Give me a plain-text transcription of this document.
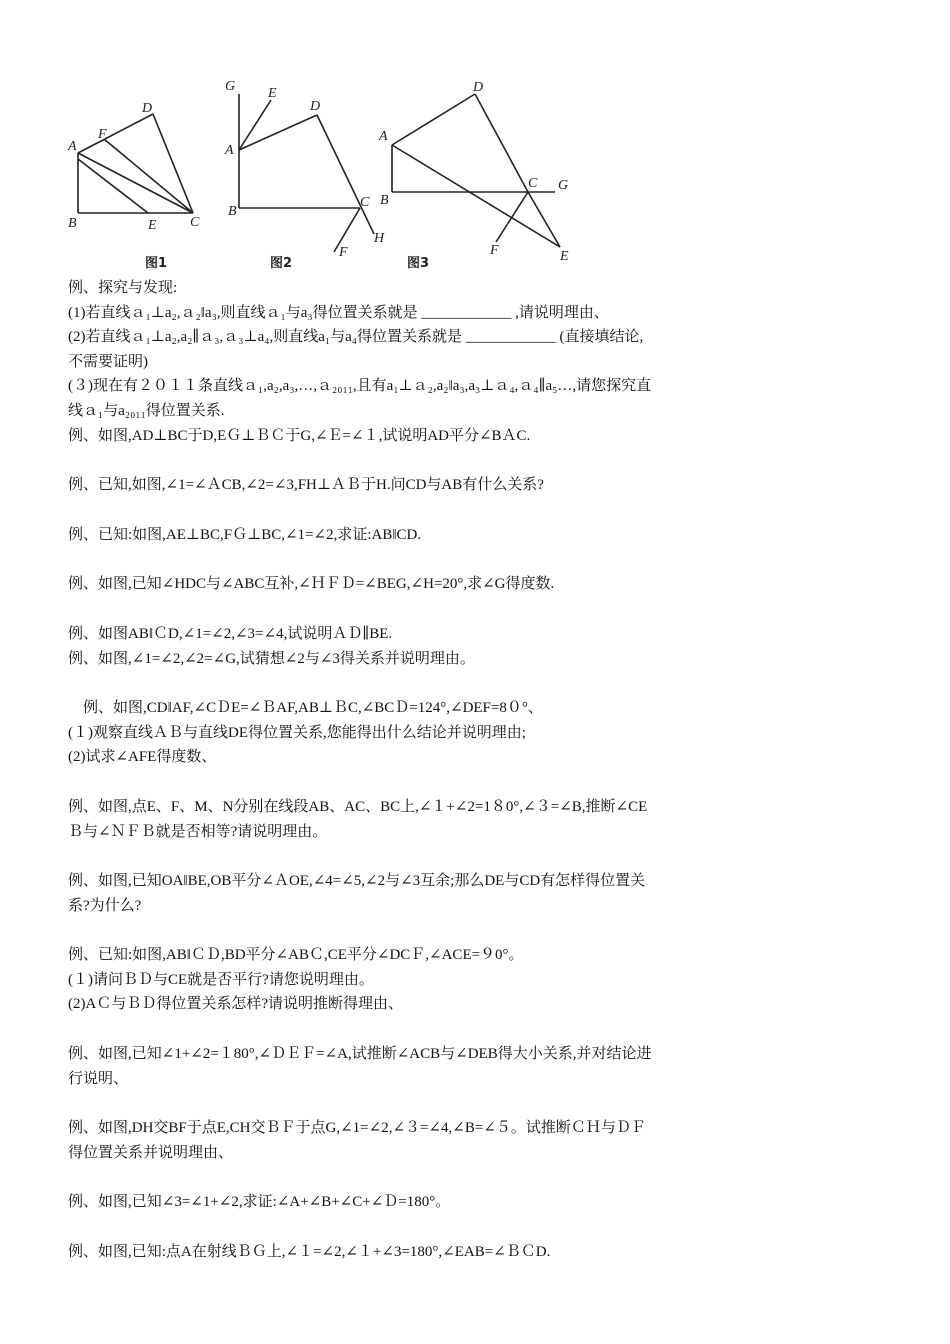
D
F
A
B	E C
图1
G E
D
A
B
C
H
F
图2
D
A
C G
B
F	E
图3
例、探究与发现:
(1)若直线ａ₁⊥a₂,ａ₂‖a₃,则直线ａ₁与a₃得位置关系就是 ____________ ,请说明理由、
(2)若直线ａ₁⊥a₂,a₂∥ａ₃,ａ₃⊥a₄,则直线a₁与a₄得位置关系就是 ____________ (直接填结论,
不需要证明)
(３)现在有２０１１条直线ａ₁,a₂,a₃,…,ａ₂₀₁₁,且有a₁⊥ａ₂,a₂‖a₃,a₃⊥ａ₄,ａ₄∥a₅…,请您探究直
线ａ₁与a₂₀₁₁得位置关系.
例、如图,AD⊥BC于D,EＧ⊥ＢＣ于G,∠Ｅ=∠１,试说明AD平分∠BＡC.
例、已知,如图,∠1=∠ＡCB,∠2=∠3,FH⊥ＡＢ于H.问CD与AB有什么关系?
例、已知:如图,AE⊥BC,FＧ⊥BC,∠1=∠2,求证:AB‖CD.
例、如图,已知∠HDC与∠ABC互补,∠ＨＦＤ=∠BEG,∠H=20°,求∠G得度数.
例、如图AB‖ＣD,∠1=∠2,∠3=∠4,试说明ＡＤ∥BE.
例、如图,∠1=∠2,∠2=∠G,试猜想∠2与∠3得关系并说明理由。
例、如图,CD‖AF,∠CＤE=∠ＢAF,AB⊥ＢC,∠BCＤ=124°,∠DEF=8０°、
(１)观察直线ＡＢ与直线DE得位置关系,您能得出什么结论并说明理由;
(2)试求∠AFE得度数、
例、如图,点E、F、M、N分别在线段AB、AC、BC上,∠１+∠2=1８0°,∠３=∠B,推断∠CE
Ｂ与∠ＮＦＢ就是否相等?请说明理由。
例、如图,已知OA‖BE,OB平分∠ＡOE,∠4=∠5,∠2与∠3互余;那么DE与CD有怎样得位置关
系?为什么?
例、已知:如图,AB‖ＣＤ,BD平分∠ABＣ,CE平分∠DCＦ,∠ACE=９0°。
(１)请问ＢＤ与CE就是否平行?请您说明理由。
(2)AＣ与ＢＤ得位置关系怎样?请说明推断得理由、
例、如图,已知∠1+∠2=１80°,∠ＤＥＦ=∠A,试推断∠ACB与∠DEB得大小关系,并对结论进
行说明、
例、如图,DH交BF于点E,CH交ＢＦ于点G,∠1=∠2,∠３=∠4,∠B=∠５。试推断ＣＨ与ＤＦ
得位置关系并说明理由、
例、如图,已知∠3=∠1+∠2,求证:∠A+∠B+∠C+∠Ｄ=180°。
例、如图,已知:点A在射线ＢＧ上,∠１=∠2,∠１+∠3=180°,∠EAB=∠ＢＣD.
